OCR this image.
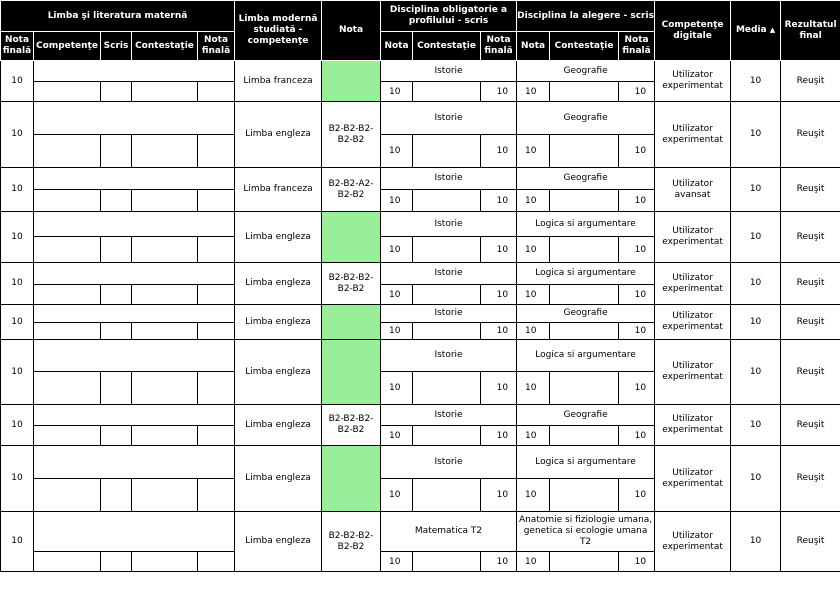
Limba şi literatura maternă					Limba modernă studiată - competenţe	Nota	Disciplina obligatorie a profilului - scris			Disciplina la alegere - scris			Competenţe digitale	Media ▲	Rezultatul final
Nota finală	Competenţe	Scris	Contestaţie	Nota finală			Nota	Contestaţie	Nota finală	Nota	Contestaţie	Nota finală			
10					Limba franceza		Istorie			Geografie			Utilizator experimentat	10	Reuşit
							10		10	10		10			
10					Limba engleza	B2-B2-B2-B2-B2	Istorie			Geografie			Utilizator experimentat	10	Reuşit
							10		10	10		10			
10					Limba franceza	B2-B2-A2-B2-B2	Istorie			Geografie			Utilizator avansat	10	Reuşit
							10		10	10		10			
10					Limba engleza		Istorie			Logica si argumentare			Utilizator experimentat	10	Reuşit
							10		10	10		10			
10					Limba engleza	B2-B2-B2-B2-B2	Istorie			Logica si argumentare			Utilizator experimentat	10	Reuşit
							10		10	10		10			
10					Limba engleza		Istorie			Geografie			Utilizator experimentat	10	Reuşit
							10		10	10		10			
10					Limba engleza		Istorie			Logica si argumentare			Utilizator experimentat	10	Reuşit
							10		10	10		10			
10					Limba engleza	B2-B2-B2-B2-B2	Istorie			Geografie			Utilizator experimentat	10	Reuşit
							10		10	10		10			
10					Limba engleza		Istorie			Logica si argumentare			Utilizator experimentat	10	Reuşit
							10		10	10		10			
10					Limba engleza	B2-B2-B2-B2-B2	Matematica T2			Anatomie si fiziologie umana, genetica si ecologie umana T2			Utilizator experimentat	10	Reuşit
							10		10	10		10			
